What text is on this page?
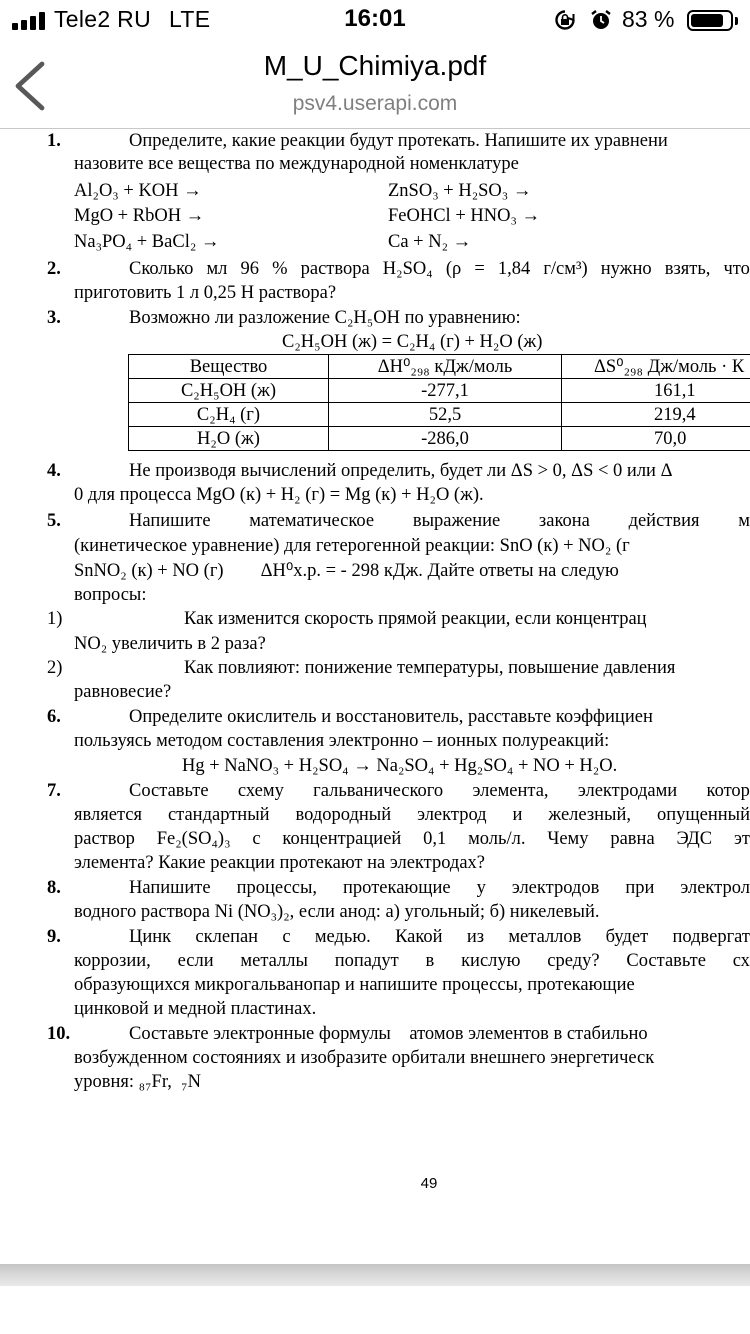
Tele2 RU LTE	16:01	83 %
M_U_Chimiya.pdf
psv4.userapi.com
1.	Определите, какие реакции будут протекать. Напишите их уравнени
назовите все вещества по международной номенклатуре
Al₂O₃ + KOH →	ZnSO₃ + H₂SO₃ →
MgO + RbOH →	FeOHCl + HNO₃ →
Na₃PO₄ + BaCl₂ →	Ca + N₂ →
2.	Сколько мл 96 % раствора H₂SO₄ (ρ = 1,84 г/см³) нужно взять, что
приготовить 1 л 0,25 Н раствора?
3.	Возможно ли разложение C₂H₅OH по уравнению:
C₂H₅OH (ж) = C₂H₄ (г) + H₂O (ж)
Вещество	ΔH⁰₂₉₈ кДж/моль	ΔS⁰₂₉₈ Дж/моль · К
C₂H₅OH (ж)	-277,1	161,1
C₂H₄ (г)	52,5	219,4
H₂O (ж)	-286,0	70,0
4.	Не производя вычислений определить, будет ли ΔS > 0, ΔS < 0 или Δ
0 для процесса MgO (к) + H₂ (г) = Mg (к) + H₂O (ж).
5.	Напишите математическое выражение закона действия м
(кинетическое уравнение) для гетерогенной реакции: SnO (к) + NO₂ (г
SnNO₂ (к) + NO (г)        ΔH⁰х.р. = - 298 кДж. Дайте ответы на следую
вопросы:
1)	Как изменится скорость прямой реакции, если концентрац
NO₂ увеличить в 2 раза?
2)	Как повлияют: понижение температуры, повышение давления
равновесие?
6.	Определите окислитель и восстановитель, расставьте коэффициен
пользуясь методом составления электронно – ионных полуреакций:
Hg + NaNO₃ + H₂SO₄ → Na₂SO₄ + Hg₂SO₄ + NO + H₂O.
7.	Составьте схему гальванического элемента, электродами котор
является стандартный водородный электрод и железный, опущенный
раствор Fe₂(SO₄)₃ с концентрацией 0,1 моль/л. Чему равна ЭДС эт
элемента? Какие реакции протекают на электродах?
8.	Напишите процессы, протекающие у электродов при электрол
водного раствора Ni (NO₃)₂, если анод: а) угольный; б) никелевый.
9.	Цинк склепан с медью. Какой из металлов будет подвергат
коррозии, если металлы попадут в кислую среду? Составьте сх
образующихся микрогальванопар и напишите процессы, протекающие
цинковой и медной пластинах.
10.	Составьте электронные формулы    атомов элементов в стабильно
возбужденном состояниях и изобразите орбитали внешнего энергетическ
уровня: ₈₇Fr,  ₇N
49
